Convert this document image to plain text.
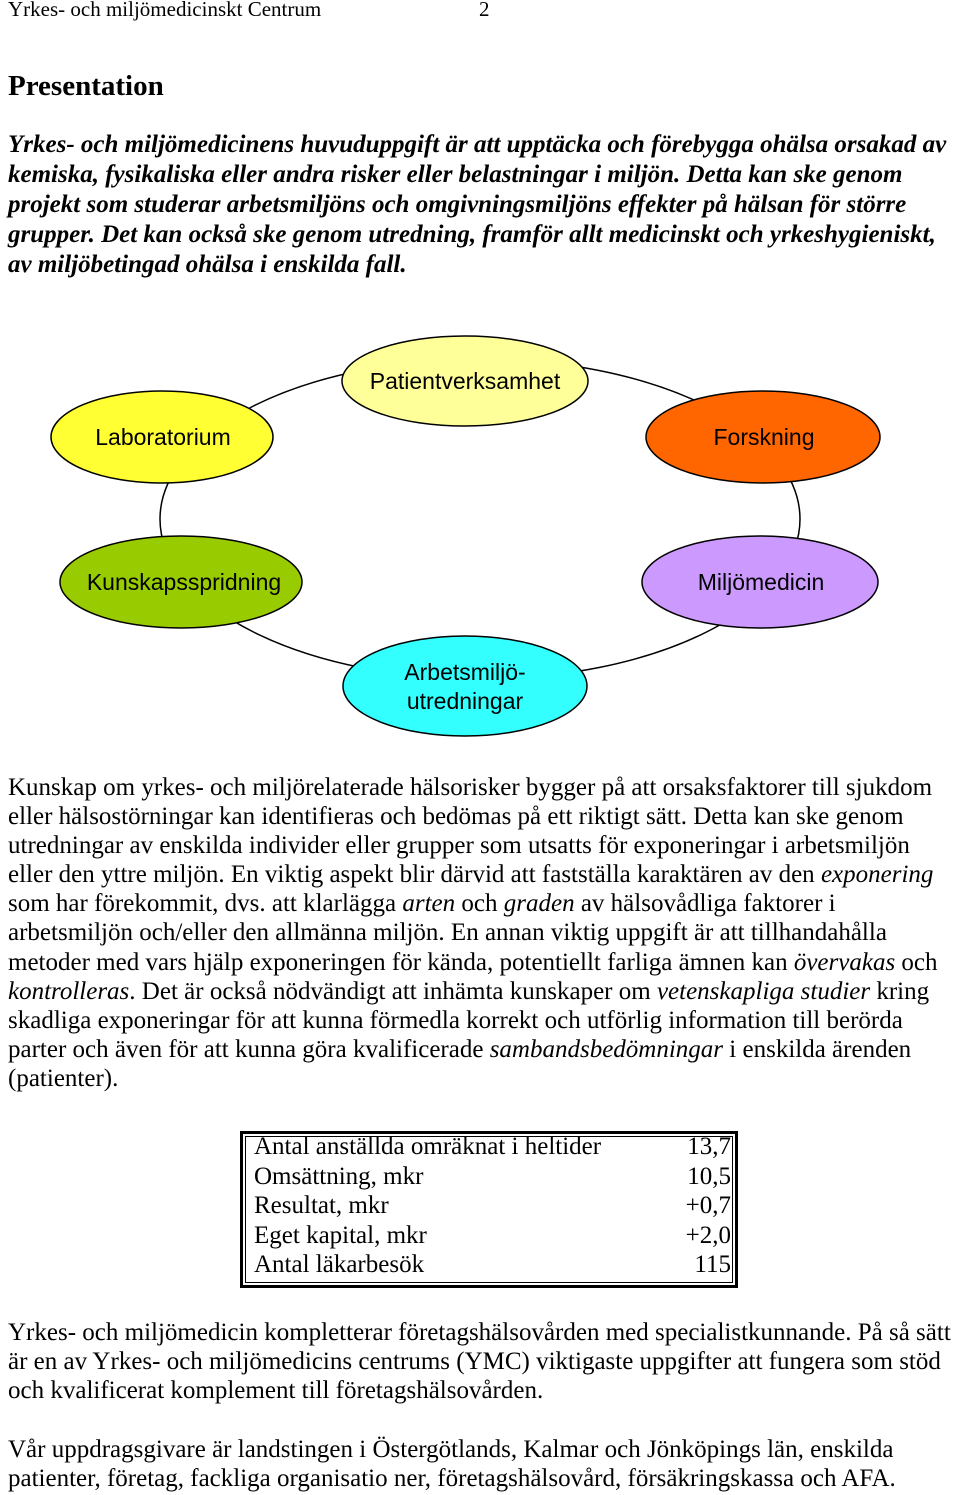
Yrkes- och miljömedicinskt Centrum	2
Presentation
Yrkes- och miljömedicinens huvuduppgift är att upptäcka och förebygga ohälsa orsakad av
kemiska, fysikaliska eller andra risker eller belastningar i miljön. Detta kan ske genom
projekt som studerar arbetsmiljöns och omgivningsmiljöns effekter på hälsan för större
grupper. Det kan också ske genom utredning, framför allt medicinskt och yrkeshygieniskt,
av miljöbetingad ohälsa i enskilda fall.
Patientverksamhet
Laboratorium	Forskning
Kunskapsspridning	Miljömedicin
Arbetsmiljö-
utredningar
Kunskap om yrkes- och miljörelaterade hälsorisker bygger på att orsaksfaktorer till sjukdom
eller hälsostörningar kan identifieras och bedömas på ett riktigt sätt. Detta kan ske genom
utredningar av enskilda individer eller grupper som utsatts för exponeringar i arbetsmiljön
eller den yttre miljön. En viktig aspekt blir därvid att fastställa karaktären av den exponering
som har förekommit, dvs. att klarlägga arten och graden av hälsovådliga faktorer i
arbetsmiljön och/eller den allmänna miljön. En annan viktig uppgift är att tillhandahålla
metoder med vars hjälp exponeringen för kända, potentiellt farliga ämnen kan övervakas och
kontrolleras. Det är också nödvändigt att inhämta kunskaper om vetenskapliga studier kring
skadliga exponeringar för att kunna förmedla korrekt och utförlig information till berörda
parter och även för att kunna göra kvalificerade sambandsbedömningar i enskilda ärenden
(patienter).
Antal anställda omräknat i heltider	13,7
Omsättning, mkr	10,5
Resultat, mkr	+0,7
Eget kapital, mkr	+2,0
Antal läkarbesök	115
Yrkes- och miljömedicin kompletterar företagshälsovården med specialistkunnande. På så sätt
är en av Yrkes- och miljömedicins centrums (YMC) viktigaste uppgifter att fungera som stöd
och kvalificerat komplement till företagshälsovården.
Vår uppdragsgivare är landstingen i Östergötlands, Kalmar och Jönköpings län, enskilda
patienter, företag, fackliga organisatio ner, företagshälsovård, försäkringskassa och AFA.
